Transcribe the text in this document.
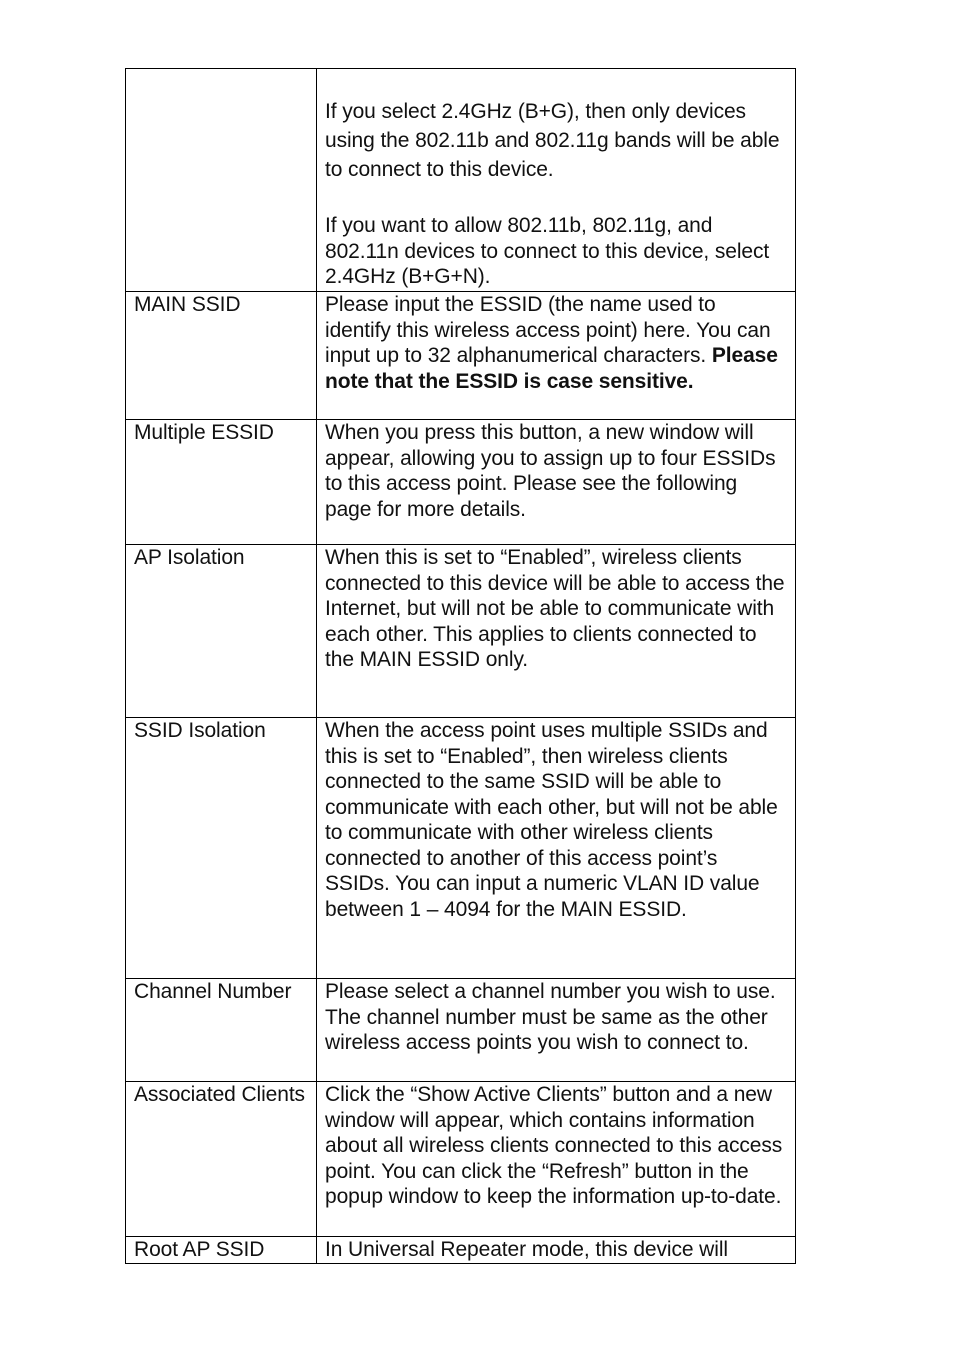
	If you select 2.4GHz (B+G), then only devices using the 802.11b and 802.11g bands will be able to connect to this device.
If you want to allow 802.11b, 802.11g, and 802.11n devices to connect to this device, select 2.4GHz (B+G+N).

MAIN SSID	Please input the ESSID (the name used to identify this wireless access point) here. You can input up to 32 alphanumerical characters. Please note that the ESSID is case sensitive.
Multiple ESSID	When you press this button, a new window will appear, allowing you to assign up to four ESSIDs to this access point. Please see the following page for more details.
AP Isolation	When this is set to “Enabled”, wireless clients connected to this device will be able to access the Internet, but will not be able to communicate with each other. This applies to clients connected to the MAIN ESSID only.
SSID Isolation	When the access point uses multiple SSIDs and this is set to “Enabled”, then wireless clients connected to the same SSID will be able to communicate with each other, but will not be able to communicate with other wireless clients connected to another of this access point’s SSIDs. You can input a numeric VLAN ID value between 1 – 4094 for the MAIN ESSID.
Channel Number	Please select a channel number you wish to use. The channel number must be same as the other wireless access points you wish to connect to.
Associated Clients	Click the “Show Active Clients” button and a new window will appear, which contains information about all wireless clients connected to this access point. You can click the “Refresh” button in the popup window to keep the information up-to-date.
Root AP SSID	In Universal Repeater mode, this device will
